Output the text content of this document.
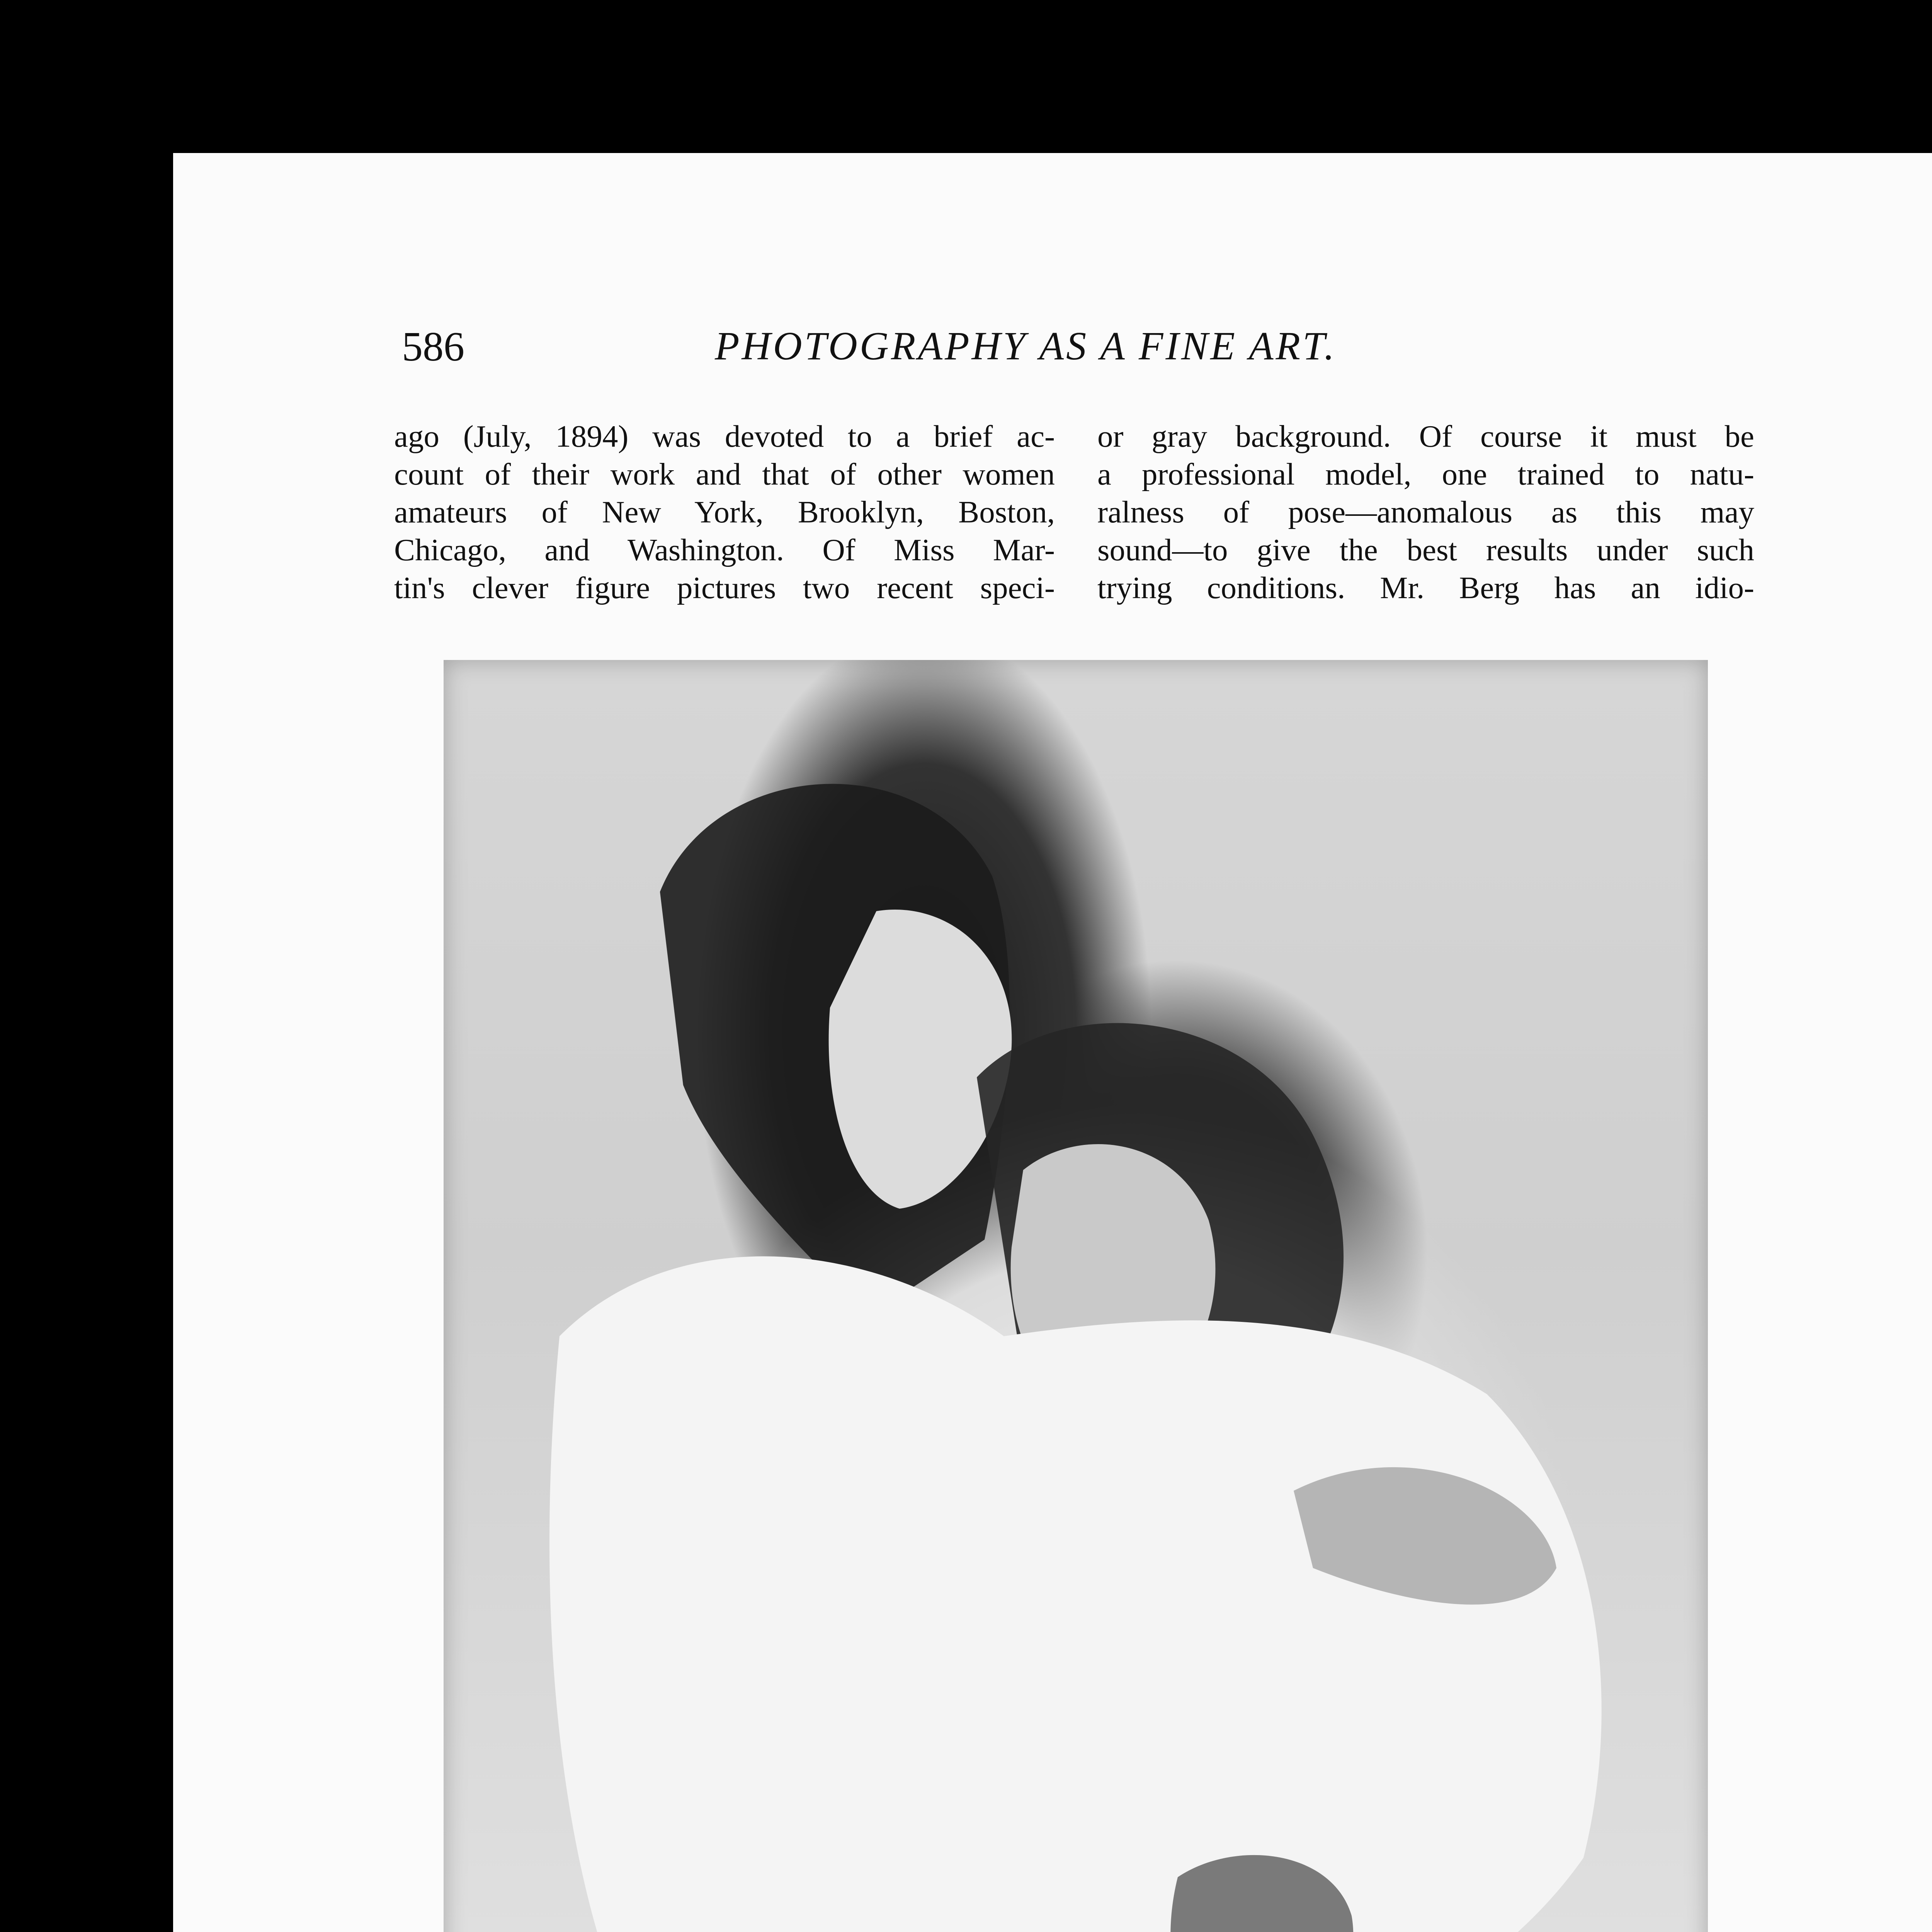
586	PHOTOGRAPHY AS A FINE ART.
ago (July, 1894) was devoted to a brief ac-
count of their work and that of other women
amateurs of New York, Brooklyn, Boston,
Chicago, and Washington. Of Miss Mar-
tin's clever figure pictures two recent speci-
or gray background. Of course it must be
a professional model, one trained to natu-
ralness of pose—anomalous as this may
sound—to give the best results under such
trying conditions. Mr. Berg has an idio-
